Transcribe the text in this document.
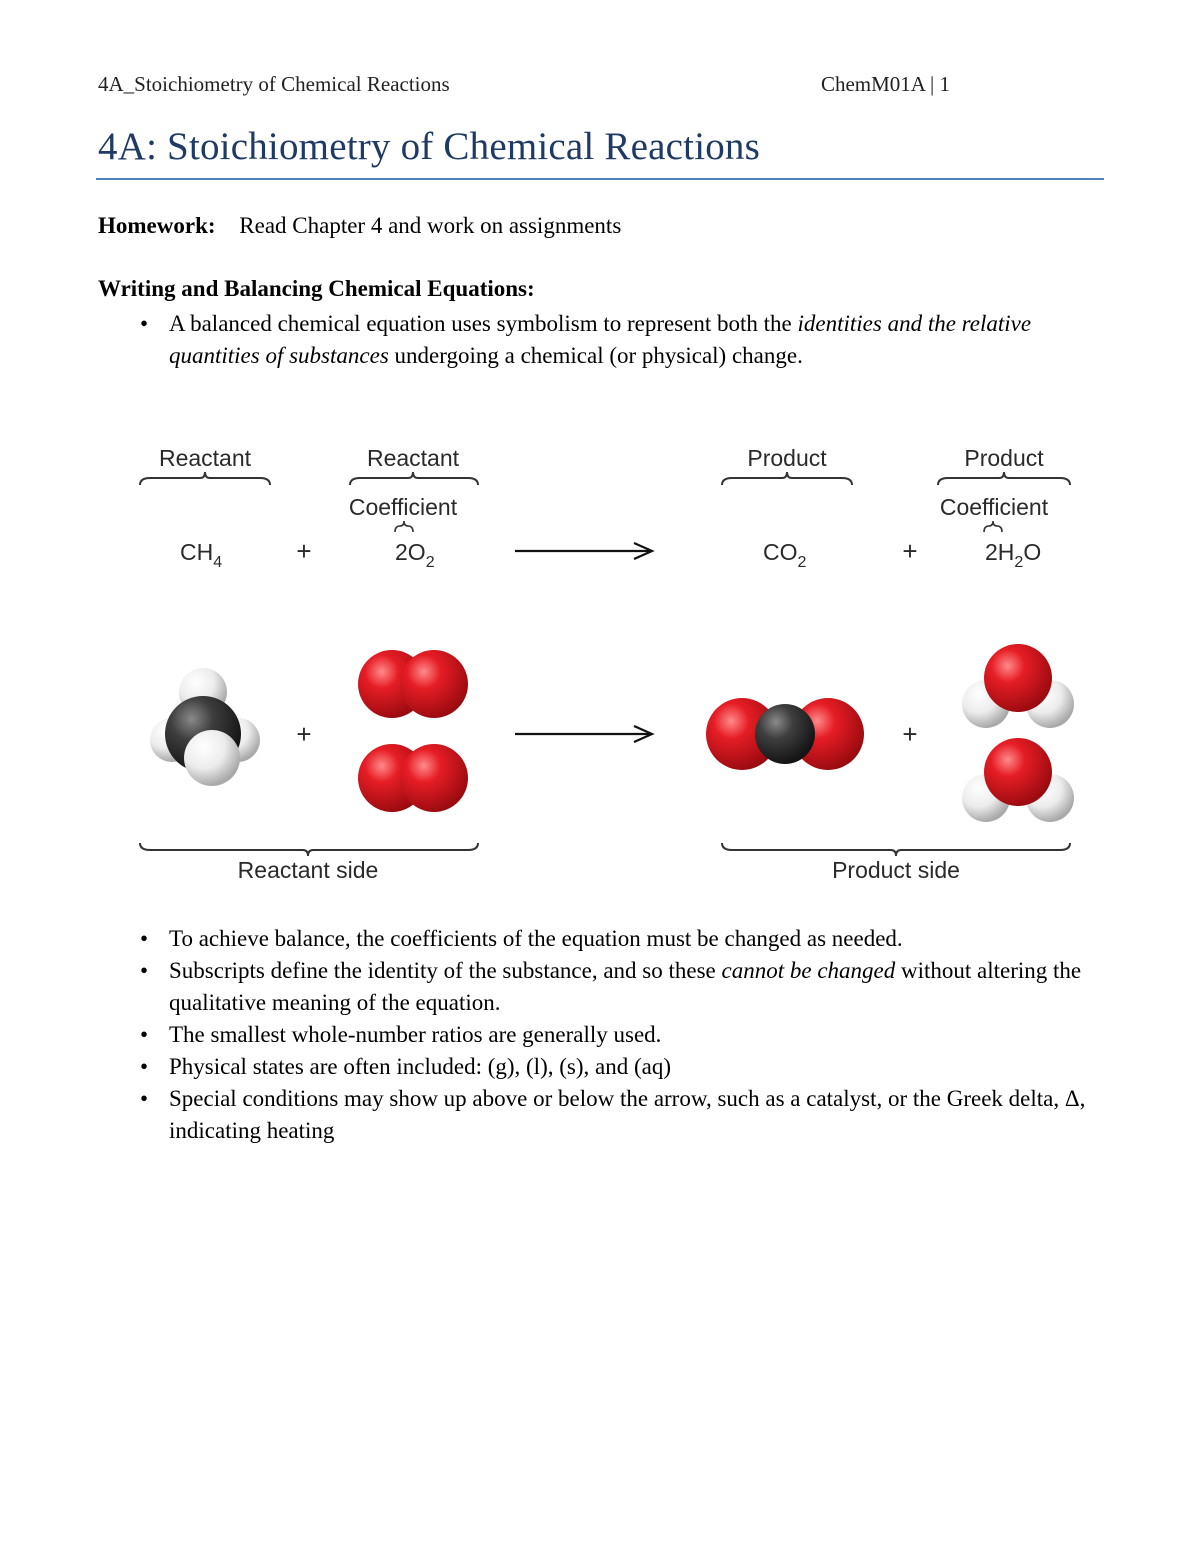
4A_Stoichiometry of Chemical Reactions	ChemM01A | 1
4A: Stoichiometry of Chemical Reactions
Homework: Read Chapter 4 and work on assignments
Writing and Balancing Chemical Equations:
• A balanced chemical equation uses symbolism to represent both the identities and the relative quantities of substances undergoing a chemical (or physical) change.
Reactant	Reactant	Product	Product
Coefficient	Coefficient
$CH_4$	+	$2O_2$	$CO_2$	+	$2H_2O$
+	+
Reactant side	Product side
• To achieve balance, the coefficients of the equation must be changed as needed.
• Subscripts define the identity of the substance, and so these cannot be changed without altering the qualitative meaning of the equation.
• The smallest whole-number ratios are generally used.
• Physical states are often included: (g), (l), (s), and (aq)
• Special conditions may show up above or below the arrow, such as a catalyst, or the Greek delta, Δ, indicating heating
